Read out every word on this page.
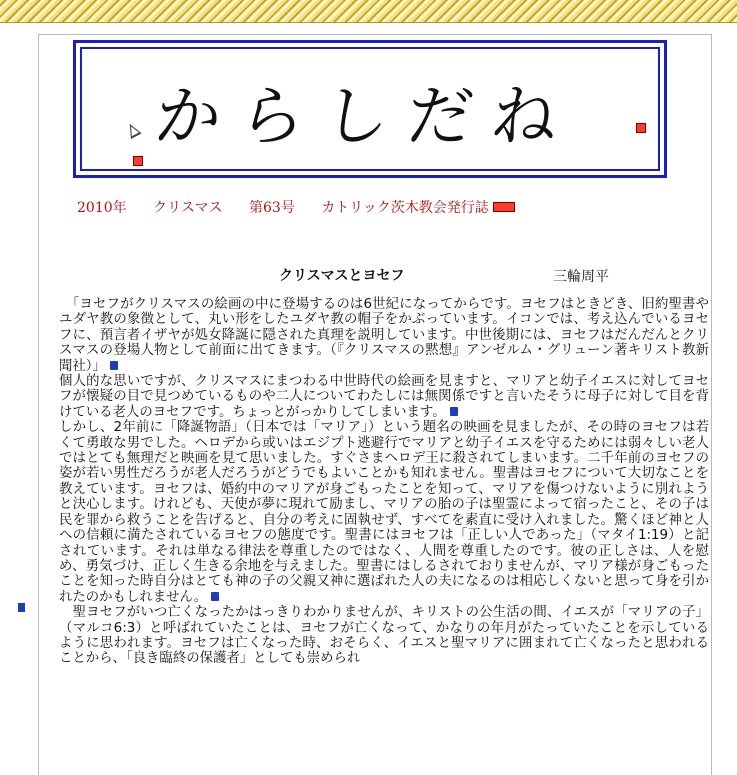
からしだね
2010年 クリスマス 第63号 カトリック茨木教会発行誌
クリスマスとヨセフ	三輪周平

　「ヨセフがクリスマスの絵画の中に登場するのは6世紀になってからです。ヨセフはときどき、旧約聖書やユダヤ教の象徴として、丸い形をしたユダヤ教の帽子をかぶっています。イコンでは、考え込んでいるヨセフに、預言者イザヤが処女降誕に隠された真理を説明しています。中世後期には、ヨセフはだんだんとクリスマスの登場人物として前面に出てきます。（『クリスマスの黙想』アンゼルム・グリューン著キリスト教新聞社）」

個人的な思いですが、クリスマスにまつわる中世時代の絵画を見ますと、マリアと幼子イエスに対してヨセフが懐疑の目で見つめているものや二人についてわたしには無関係ですと言いたそうに母子に対して目を背けている老人のヨセフです。ちょっとがっかりしてしまいます。

しかし、2年前に「降誕物語」（日本では「マリア」）という題名の映画を見ましたが、その時のヨセフは若くて勇敢な男でした。ヘロデから或いはエジプト逃避行でマリアと幼子イエスを守るためには弱々しい老人ではとても無理だと映画を見て思いました。すぐさまヘロデ王に殺されてしまいます。二千年前のヨセフの姿が若い男性だろうが老人だろうがどうでもよいことかも知れません。聖書はヨセフについて大切なことを教えています。ヨセフは、婚約中のマリアが身ごもったことを知って、マリアを傷つけないように別れようと決心します。けれども、天使が夢に現れて励まし、マリアの胎の子は聖霊によって宿ったこと、その子は民を罪から救うことを告げると、自分の考えに固執せず、すべてを素直に受け入れました。驚くほど神と人への信頼に満たされているヨセフの態度です。聖書にはヨセフは「正しい人であった」（マタイ1:19）と記されています。それは単なる律法を尊重したのではなく、人間を尊重したのです。彼の正しさは、人を慰め、勇気づけ、正しく生きる余地を与えました。聖書にはしるされておりませんが、マリア様が身ごもったことを知った時自分はとても神の子の父親又神に選ばれた人の夫になるのは相応しくないと思って身を引かれたのかもしれません。

　聖ヨセフがいつ亡くなったかはっきりわかりませんが、キリストの公生活の間、イエスが「マリアの子」（マルコ6:3）と呼ばれていたことは、ヨセフが亡くなって、かなりの年月がたっていたことを示しているように思われます。ヨセフは亡くなった時、おそらく、イエスと聖マリアに囲まれて亡くなったと思われることから、「良き臨終の保護者」としても崇められ
